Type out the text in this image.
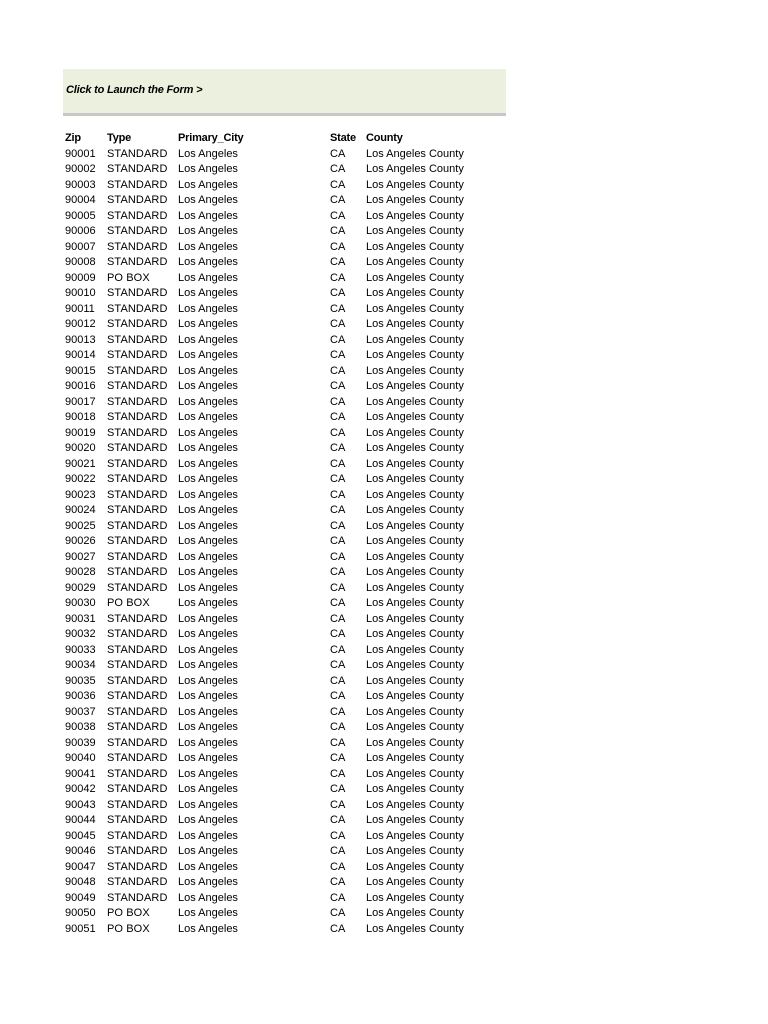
Click to Launch the Form >
Zip Type	Primary_City	State County
90001 STANDARD Los Angeles	CA Los Angeles County
90002 STANDARD Los Angeles	CA Los Angeles County
90003 STANDARD Los Angeles	CA Los Angeles County
90004 STANDARD Los Angeles	CA Los Angeles County
90005 STANDARD Los Angeles	CA Los Angeles County
90006 STANDARD Los Angeles	CA Los Angeles County
90007 STANDARD Los Angeles	CA Los Angeles County
90008 STANDARD Los Angeles	CA Los Angeles County
90009 PO BOX	Los Angeles	CA Los Angeles County
90010 STANDARD Los Angeles	CA Los Angeles County
90011 STANDARD Los Angeles	CA Los Angeles County
90012 STANDARD Los Angeles	CA Los Angeles County
90013 STANDARD Los Angeles	CA Los Angeles County
90014 STANDARD Los Angeles	CA Los Angeles County
90015 STANDARD Los Angeles	CA Los Angeles County
90016 STANDARD Los Angeles	CA Los Angeles County
90017 STANDARD Los Angeles	CA Los Angeles County
90018 STANDARD Los Angeles	CA Los Angeles County
90019 STANDARD Los Angeles	CA Los Angeles County
90020 STANDARD Los Angeles	CA Los Angeles County
90021 STANDARD Los Angeles	CA Los Angeles County
90022 STANDARD Los Angeles	CA Los Angeles County
90023 STANDARD Los Angeles	CA Los Angeles County
90024 STANDARD Los Angeles	CA Los Angeles County
90025 STANDARD Los Angeles	CA Los Angeles County
90026 STANDARD Los Angeles	CA Los Angeles County
90027 STANDARD Los Angeles	CA Los Angeles County
90028 STANDARD Los Angeles	CA Los Angeles County
90029 STANDARD Los Angeles	CA Los Angeles County
90030 PO BOX	Los Angeles	CA Los Angeles County
90031 STANDARD Los Angeles	CA Los Angeles County
90032 STANDARD Los Angeles	CA Los Angeles County
90033 STANDARD Los Angeles	CA Los Angeles County
90034 STANDARD Los Angeles	CA Los Angeles County
90035 STANDARD Los Angeles	CA Los Angeles County
90036 STANDARD Los Angeles	CA Los Angeles County
90037 STANDARD Los Angeles	CA Los Angeles County
90038 STANDARD Los Angeles	CA Los Angeles County
90039 STANDARD Los Angeles	CA Los Angeles County
90040 STANDARD Los Angeles	CA Los Angeles County
90041 STANDARD Los Angeles	CA Los Angeles County
90042 STANDARD Los Angeles	CA Los Angeles County
90043 STANDARD Los Angeles	CA Los Angeles County
90044 STANDARD Los Angeles	CA Los Angeles County
90045 STANDARD Los Angeles	CA Los Angeles County
90046 STANDARD Los Angeles	CA Los Angeles County
90047 STANDARD Los Angeles	CA Los Angeles County
90048 STANDARD Los Angeles	CA Los Angeles County
90049 STANDARD Los Angeles	CA Los Angeles County
90050 PO BOX	Los Angeles	CA Los Angeles County
90051 PO BOX	Los Angeles	CA Los Angeles County
